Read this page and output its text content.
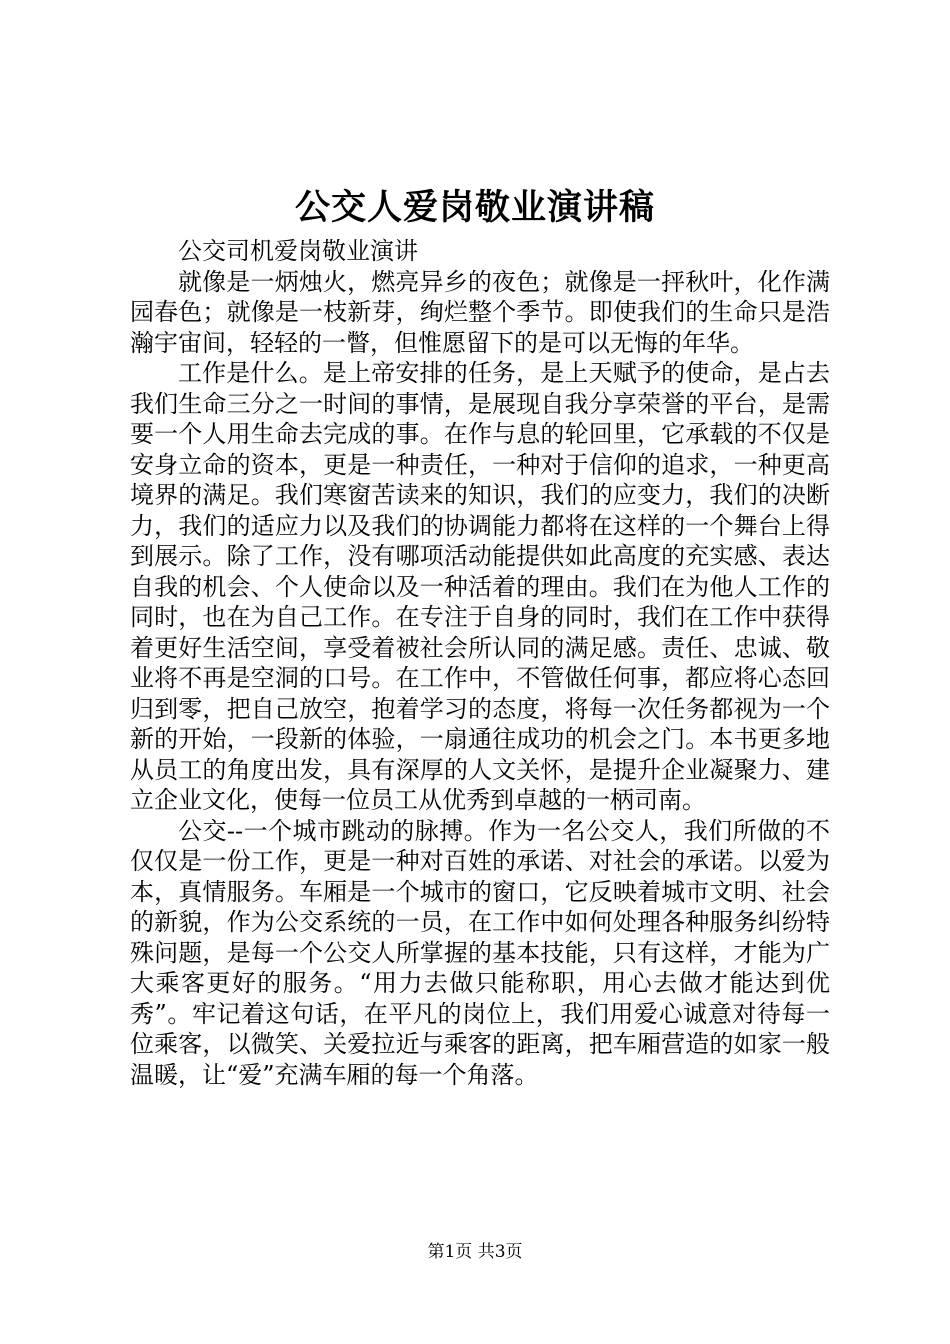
公交人爱岗敬业演讲稿

公交司机爱岗敬业演讲

就像是一炳烛火，燃亮异乡的夜色；就像是一抨秋叶，化作满园春色；就像是一枝新芽，绚烂整个季节。即使我们的生命只是浩瀚宇宙间，轻轻的一瞥，但惟愿留下的是可以无悔的年华。

工作是什么。是上帝安排的任务，是上天赋予的使命，是占去我们生命三分之一时间的事情，是展现自我分享荣誉的平台，是需要一个人用生命去完成的事。在作与息的轮回里，它承载的不仅是安身立命的资本，更是一种责任，一种对于信仰的追求，一种更高境界的满足。我们寒窗苦读来的知识，我们的应变力，我们的决断力，我们的适应力以及我们的协调能力都将在这样的一个舞台上得到展示。除了工作，没有哪项活动能提供如此高度的充实感、表达自我的机会、个人使命以及一种活着的理由。我们在为他人工作的同时，也在为自己工作。在专注于自身的同时，我们在工作中获得着更好生活空间，享受着被社会所认同的满足感。责任、忠诚、敬业将不再是空洞的口号。在工作中，不管做任何事，都应将心态回归到零，把自己放空，抱着学习的态度，将每一次任务都视为一个新的开始，一段新的体验，一扇通往成功的机会之门。本书更多地从员工的角度出发，具有深厚的人文关怀，是提升企业凝聚力、建立企业文化，使每一位员工从优秀到卓越的一柄司南。

公交--一个城市跳动的脉搏。作为一名公交人，我们所做的不仅仅是一份工作，更是一种对百姓的承诺、对社会的承诺。以爱为本，真情服务。车厢是一个城市的窗口，它反映着城市文明、社会的新貌，作为公交系统的一员，在工作中如何处理各种服务纠纷特殊问题，是每一个公交人所掌握的基本技能，只有这样，才能为广大乘客更好的服务。“用力去做只能称职，用心去做才能达到优秀”。牢记着这句话，在平凡的岗位上，我们用爱心诚意对待每一位乘客，以微笑、关爱拉近与乘客的距离，把车厢营造的如家一般温暖，让“爱”充满车厢的每一个角落。

第1页 共3页
